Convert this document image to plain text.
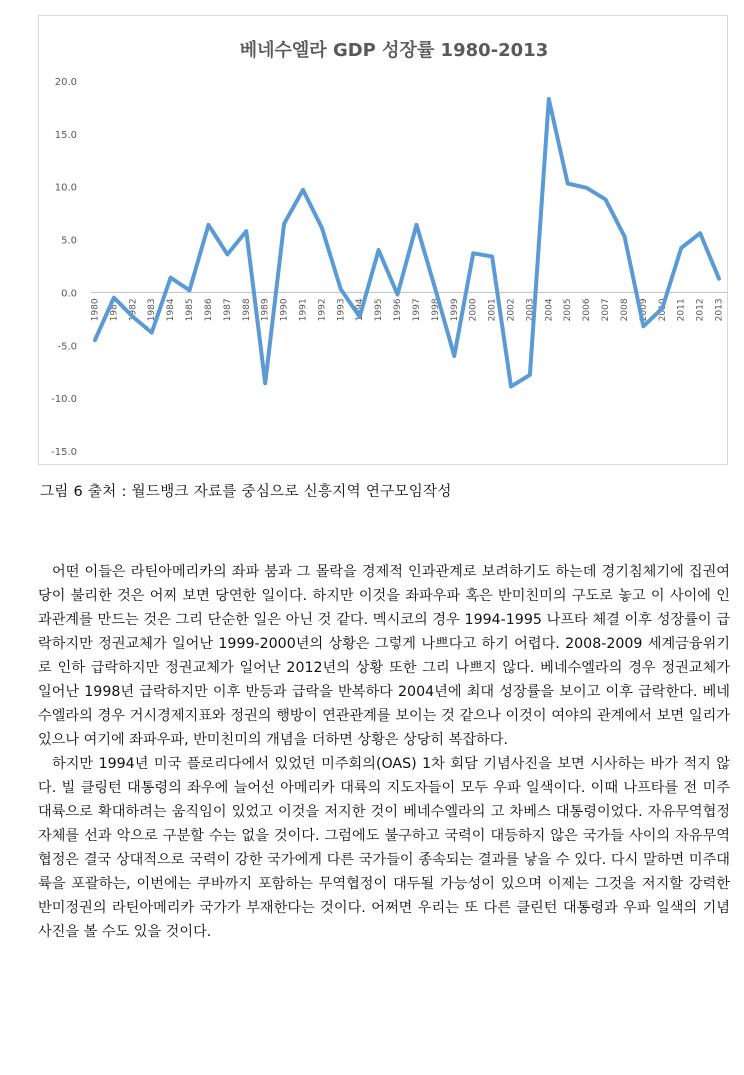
베네수엘라 GDP 성장률 1980-2013
20.0
15.0
10.0
5.0
0.0
-5.0
-10.0
-15.0
1980 1981 1982 1983 1984 1985 1986 1987 1988 1989 1990 1991 1992 1993 1994 1995 1996 1997 1998 1999 2000 2001 2002 2003 2004 2005 2006 2007 2008 2009 2010 2011 2012 2013
그림 6 출처 : 월드뱅크 자료를 중심으로 신흥지역 연구모임작성

어떤 이들은 라틴아메리카의 좌파 붐과 그 몰락을 경제적 인과관계로 보려하기도 하는데 경기침체기에 집권여당이 불리한 것은 어찌 보면 당연한 일이다. 하지만 이것을 좌파우파 혹은 반미친미의 구도로 놓고 이 사이에 인과관계를 만드는 것은 그리 단순한 일은 아닌 것 같다. 멕시코의 경우 1994-1995 나프타 체결 이후 성장률이 급락하지만 정권교체가 일어난 1999-2000년의 상황은 그렇게 나쁘다고 하기 어렵다. 2008-2009 세계금융위기로 인하 급락하지만 정권교체가 일어난 2012년의 상황 또한 그리 나쁘지 않다. 베네수엘라의 경우 정권교체가 일어난 1998년 급락하지만 이후 반등과 급락을 반복하다 2004년에 최대 성장률을 보이고 이후 급락한다. 베네수엘라의 경우 거시경제지표와 정권의 행방이 연관관계를 보이는 것 같으나 이것이 여야의 관계에서 보면 일리가 있으나 여기에 좌파우파, 반미친미의 개념을 더하면 상황은 상당히 복잡하다.

하지만 1994년 미국 플로리다에서 있었던 미주회의(OAS) 1차 회담 기념사진을 보면 시사하는 바가 적지 않다. 빌 클링턴 대통령의 좌우에 늘어선 아메리카 대륙의 지도자들이 모두 우파 일색이다. 이때 나프타를 전 미주대륙으로 확대하려는 움직임이 있었고 이것을 저지한 것이 베네수엘라의 고 차베스 대통령이었다. 자유무역협정 자체를 선과 악으로 구분할 수는 없을 것이다. 그럼에도 불구하고 국력이 대등하지 않은 국가들 사이의 자유무역협정은 결국 상대적으로 국력이 강한 국가에게 다른 국가들이 종속되는 결과를 낳을 수 있다. 다시 말하면 미주대륙을 포괄하는, 이번에는 쿠바까지 포함하는 무역협정이 대두될 가능성이 있으며 이제는 그것을 저지할 강력한 반미정권의 라틴아메리카 국가가 부재한다는 것이다. 어쩌면 우리는 또 다른 클린턴 대통령과 우파 일색의 기념사진을 볼 수도 있을 것이다.
